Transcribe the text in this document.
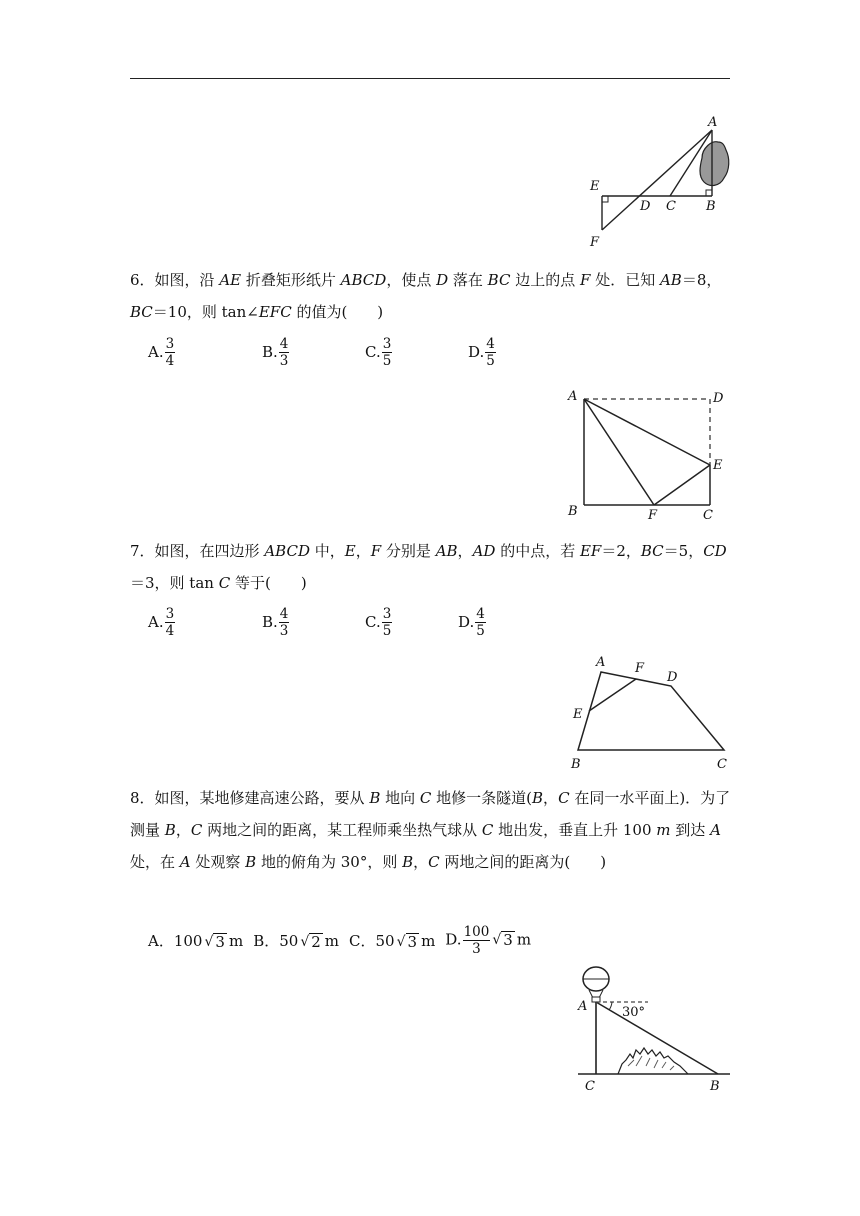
A
E
D C B
F
6．如图，沿 AE 折叠矩形纸片 ABCD，使点 D 落在 BC 边上的点 F 处．已知 AB＝8，BC＝10，则 tan∠EFC 的值为(　　)
A. $\frac{3}{4}$	B. $\frac{4}{3}$	C. $\frac{3}{5}$	D. $\frac{4}{5}$
A	D
E
B	F	C
7．如图，在四边形 ABCD 中，E，F 分别是 AB，AD 的中点，若 EF＝2，BC＝5，CD＝3，则 tan C 等于(　　)
A. $\frac{3}{4}$	B. $\frac{4}{3}$	C. $\frac{3}{5}$	D. $\frac{4}{5}$
A F
D
E
B	C
8．如图，某地修建高速公路，要从 B 地向 C 地修一条隧道(B，C 在同一水平面上)．为了测量 B，C 两地之间的距离，某工程师乘坐热气球从 C 地出发，垂直上升 100 m 到达 A 处，在 A 处观察 B 地的俯角为 30°，则 B，C 两地之间的距离为(　　)
A．100 √ 3 m B．50 √ 2 m C．50 √ 3 m D. $\frac{100}{3}$ √ 3 m
A	30°
C	B
